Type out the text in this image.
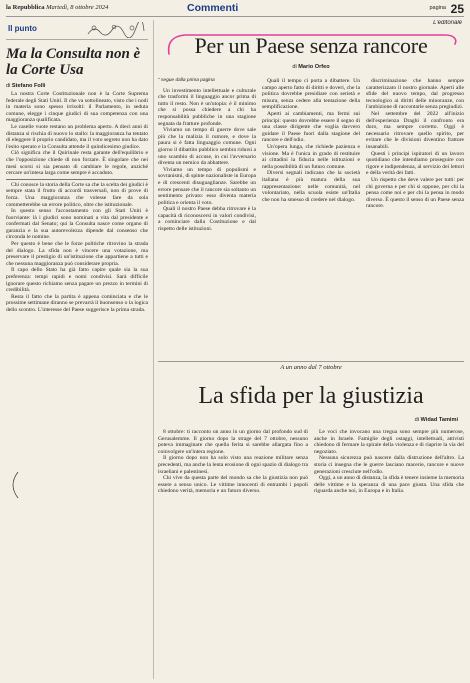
la Repubblica Martedì, 8 ottobre 2024	Commenti	pagina 25
Il punto
Ma la Consulta non è la Corte Usa
di Stefano Folli

La nostra Corte Costituzionale non è la Corte Suprema federale degli Stati Uniti. Il che va sottolineato, visto che i nodi in materia sono spesso irrisolti: il Parlamento, in seduta comune, elegge i cinque giudici di sua competenza con una maggioranza qualificata.

Le caselle vuote restano un problema aperto. A dieci anni di distanza si rischia di nuovo lo stallo: la maggioranza ha tentato di eleggere il proprio candidato, ma il voto segreto non ha dato l'esito sperato e la Consulta attende il quindicesimo giudice.

Ciò significa che il Quirinale resta garante dell'equilibrio e che l'opposizione chiede di non forzare. È singolare che nei mesi scorsi si sia pensato di cambiare le regole, anziché cercare un'intesa larga come sempre è accaduto.

Chi conosce la storia della Corte sa che la scelta dei giudici è sempre stata il frutto di accordi trasversali, non di prove di forza. Una maggioranza che volesse fare da sola commetterebbe un errore politico, oltre che istituzionale.

In questo senso l'accostamento con gli Stati Uniti è fuorviante: là i giudici sono nominati a vita dal presidente e confermati dal Senato; qui la Consulta nasce come organo di garanzia e la sua autorevolezza dipende dal consenso che circonda le nomine.

Per questo è bene che le forze politiche ritrovino la strada del dialogo. La sfida non è vincere una votazione, ma preservare il prestigio di un'istituzione che appartiene a tutti e che nessuna maggioranza può considerare propria.

Il capo dello Stato ha già fatto capire quale sia la sua preferenza: tempi rapidi e nomi condivisi. Sarà difficile ignorare questo richiamo senza pagare un prezzo in termini di credibilità.

Resta il fatto che la partita è appena cominciata e che le prossime settimane diranno se prevarrà il buonsenso o la logica dello scontro. L'interesse del Paese suggerisce la prima strada.

L'editoriale
Per un Paese senza rancore
di Mario Orfeo
" segue dalla prima pagina

Un investimento intellettuale e culturale che trasformi il linguaggio ancor prima di tutto il resto. Non è un'utopia: è il minimo che si possa chiedere a chi ha responsabilità pubbliche in una stagione segnata da fratture profonde.

Viviamo un tempo di guerre dove sale più che la malizia il rumore, e dove la paura si è fatta linguaggio comune. Ogni giorno il dibattito pubblico sembra ridursi a uno scambio di accuse, in cui l'avversario diventa un nemico da abbattere.

Viviamo un tempo di populismi e sovranismi, di spinte nazionaliste in Europa e di crescenti disuguaglianze. Sarebbe un errore pensare che il rancore sia soltanto un sentimento privato: esso diventa materia politica e orienta il voto.

Quali il nostro Paese debba ritrovare è la capacità di riconoscersi in valori condivisi, a cominciare dalla Costituzione e dal rispetto delle istituzioni.

Quali il tempo ci porta a dibattere. Un campo aperto fatto di diritti e doveri, che la politica dovrebbe presidiare con serietà e misura, senza cedere alla tentazione della semplificazione.

Aperti ai cambiamenti, ma fermi sui principi: questo dovrebbe essere il segno di una classe dirigente che voglia davvero guidare il Paese fuori dalla stagione del rancore e dell'odio.

Un'opera lunga, che richiede pazienza e visione. Ma è l'unica in grado di restituire ai cittadini la fiducia nelle istituzioni e nella possibilità di un futuro comune.

Diversi segnali indicano che la società italiana è più matura della sua rappresentazione: nelle comunità, nel volontariato, nella scuola esiste un'Italia che non ha smesso di credere nel dialogo.

discriminazione che hanno sempre caratterizzato il nostro giornale. Aperti alle sfide del nuovo tempo, dal progresso tecnologico ai diritti delle minoranze, con l'ambizione di raccontarle senza pregiudizi.

Nel settembre del 2022 all'inizio dell'esperienza Draghi il confronto era duro, ma sempre corretto. Oggi è necessario ritrovare quello spirito, per evitare che le divisioni diventino fratture insanabili.

Questi i principi ispiratori di un lavoro quotidiano che intendiamo proseguire con rigore e indipendenza, al servizio dei lettori e della verità dei fatti.

Un rispetto che deve valere per tutti: per chi governa e per chi si oppone, per chi la pensa come noi e per chi la pensa in modo diverso. È questo il senso di un Paese senza rancore.

A un anno dal 7 ottobre
La sfida per la giustizia
di Widad Tamimi

8 ottobre: ti racconto un anno in un giorno dal profondo sud di Gerusalemme. Il giorno dopo la strage del 7 ottobre, nessuno poteva immaginare che quella ferita si sarebbe allargata fino a coinvolgere un'intera regione.

Il giorno dopo non ha solo visto una reazione militare senza precedenti, ma anche la lenta erosione di ogni spazio di dialogo tra israeliani e palestinesi.

Chi vive da questa parte del mondo sa che la giustizia non può essere a senso unico. Le vittime innocenti di entrambi i popoli chiedono verità, memoria e un futuro diverso.

Le voci che invocano una tregua sono sempre più numerose, anche in Israele. Famiglie degli ostaggi, intellettuali, attivisti chiedono di fermare la spirale della violenza e di riaprire la via del negoziato.

Nessuna sicurezza può nascere dalla distruzione dell'altro. La storia ci insegna che le guerre lasciano macerie, rancore e nuove generazioni cresciute nell'odio.

Oggi, a un anno di distanza, la sfida è tenere insieme la memoria delle vittime e la speranza di una pace giusta. Una sfida che riguarda anche noi, in Europa e in Italia.
